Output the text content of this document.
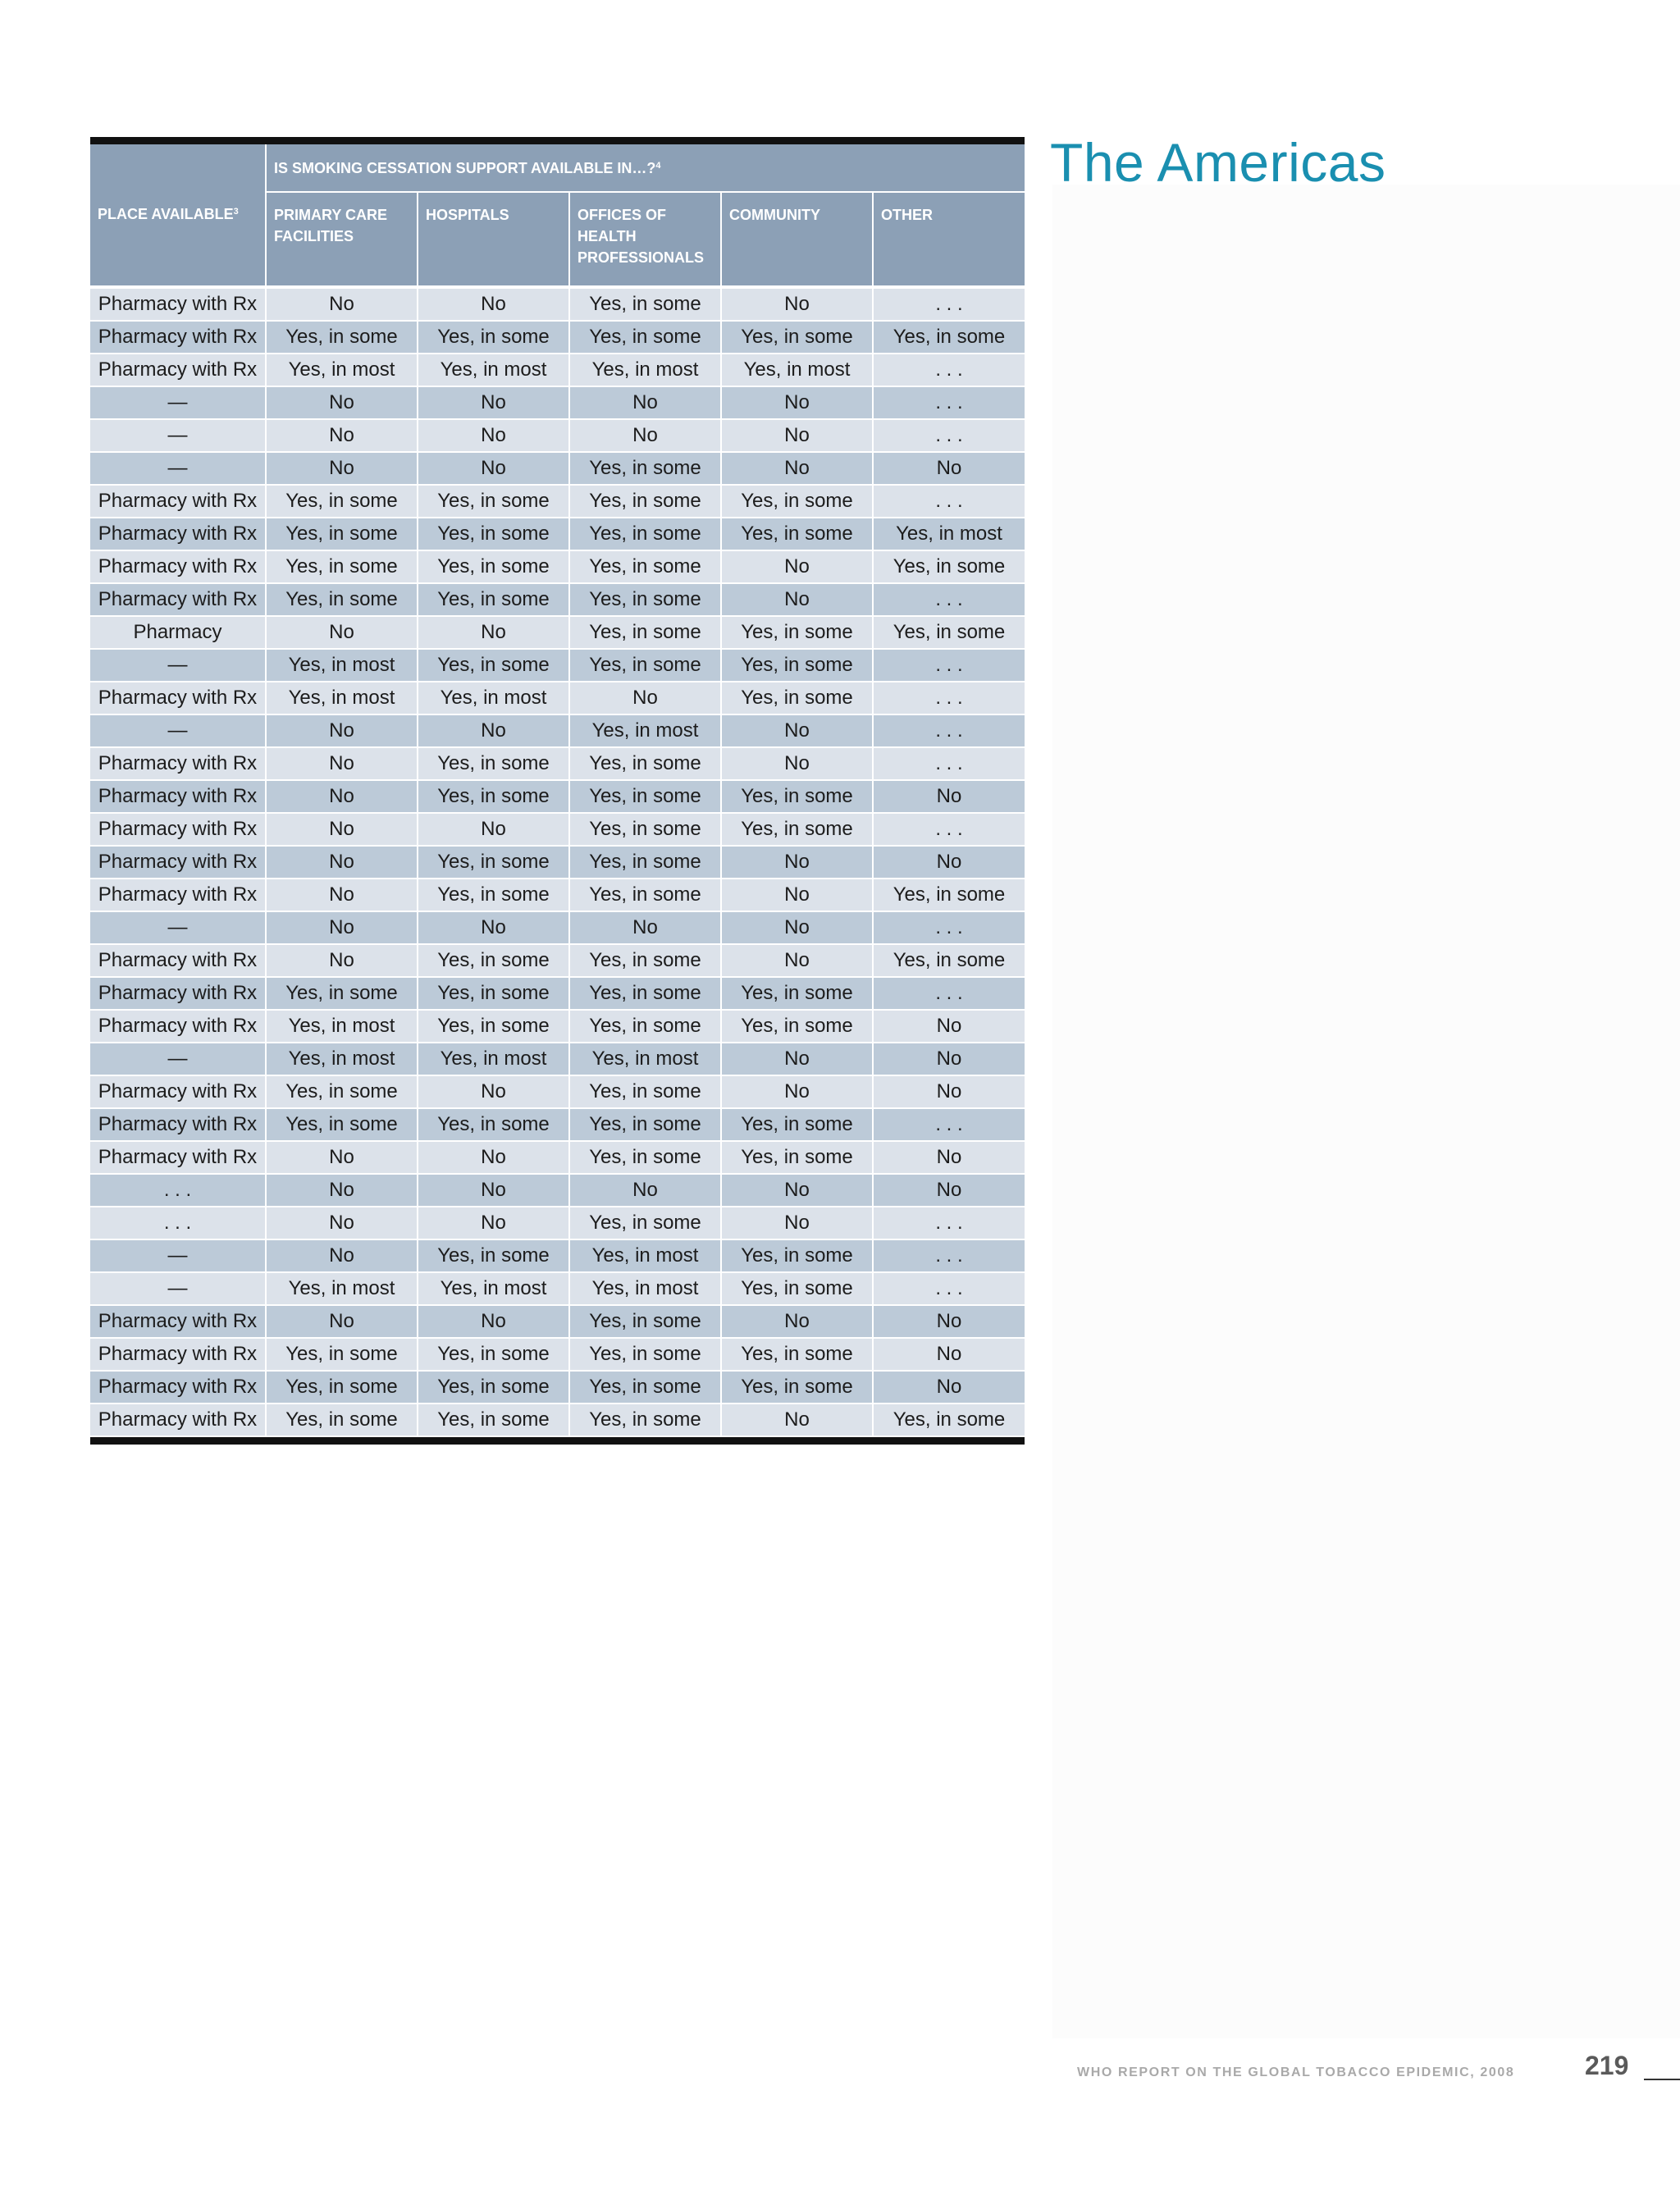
The Americas
	IS SMOKING CESSATION SUPPORT AVAILABLE IN…?$^4$
PLACE AVAILABLE$^3$	PRIMARY CARE FACILITIES	HOSPITALS	OFFICES OF HEALTH PROFESSIONALS	COMMUNITY	OTHER

Pharmacy with Rx	No	No	Yes, in some	No	. . .
Pharmacy with Rx	Yes, in some	Yes, in some	Yes, in some	Yes, in some	Yes, in some
Pharmacy with Rx	Yes, in most	Yes, in most	Yes, in most	Yes, in most	. . .
—	No	No	No	No	. . .
—	No	No	No	No	. . .
—	No	No	Yes, in some	No	No
Pharmacy with Rx	Yes, in some	Yes, in some	Yes, in some	Yes, in some	. . .
Pharmacy with Rx	Yes, in some	Yes, in some	Yes, in some	Yes, in some	Yes, in most
Pharmacy with Rx	Yes, in some	Yes, in some	Yes, in some	No	Yes, in some
Pharmacy with Rx	Yes, in some	Yes, in some	Yes, in some	No	. . .
Pharmacy	No	No	Yes, in some	Yes, in some	Yes, in some
—	Yes, in most	Yes, in some	Yes, in some	Yes, in some	. . .
Pharmacy with Rx	Yes, in most	Yes, in most	No	Yes, in some	. . .
—	No	No	Yes, in most	No	. . .
Pharmacy with Rx	No	Yes, in some	Yes, in some	No	. . .
Pharmacy with Rx	No	Yes, in some	Yes, in some	Yes, in some	No
Pharmacy with Rx	No	No	Yes, in some	Yes, in some	. . .
Pharmacy with Rx	No	Yes, in some	Yes, in some	No	No
Pharmacy with Rx	No	Yes, in some	Yes, in some	No	Yes, in some
—	No	No	No	No	. . .
Pharmacy with Rx	No	Yes, in some	Yes, in some	No	Yes, in some
Pharmacy with Rx	Yes, in some	Yes, in some	Yes, in some	Yes, in some	. . .
Pharmacy with Rx	Yes, in most	Yes, in some	Yes, in some	Yes, in some	No
—	Yes, in most	Yes, in most	Yes, in most	No	No
Pharmacy with Rx	Yes, in some	No	Yes, in some	No	No
Pharmacy with Rx	Yes, in some	Yes, in some	Yes, in some	Yes, in some	. . .
Pharmacy with Rx	No	No	Yes, in some	Yes, in some	No
. . .	No	No	No	No	No
. . .	No	No	Yes, in some	No	. . .
—	No	Yes, in some	Yes, in most	Yes, in some	. . .
—	Yes, in most	Yes, in most	Yes, in most	Yes, in some	. . .
Pharmacy with Rx	No	No	Yes, in some	No	No
Pharmacy with Rx	Yes, in some	Yes, in some	Yes, in some	Yes, in some	No
Pharmacy with Rx	Yes, in some	Yes, in some	Yes, in some	Yes, in some	No
Pharmacy with Rx	Yes, in some	Yes, in some	Yes, in some	No	Yes, in some
WHO REPORT ON THE GLOBAL TOBACCO EPIDEMIC, 2008	219
